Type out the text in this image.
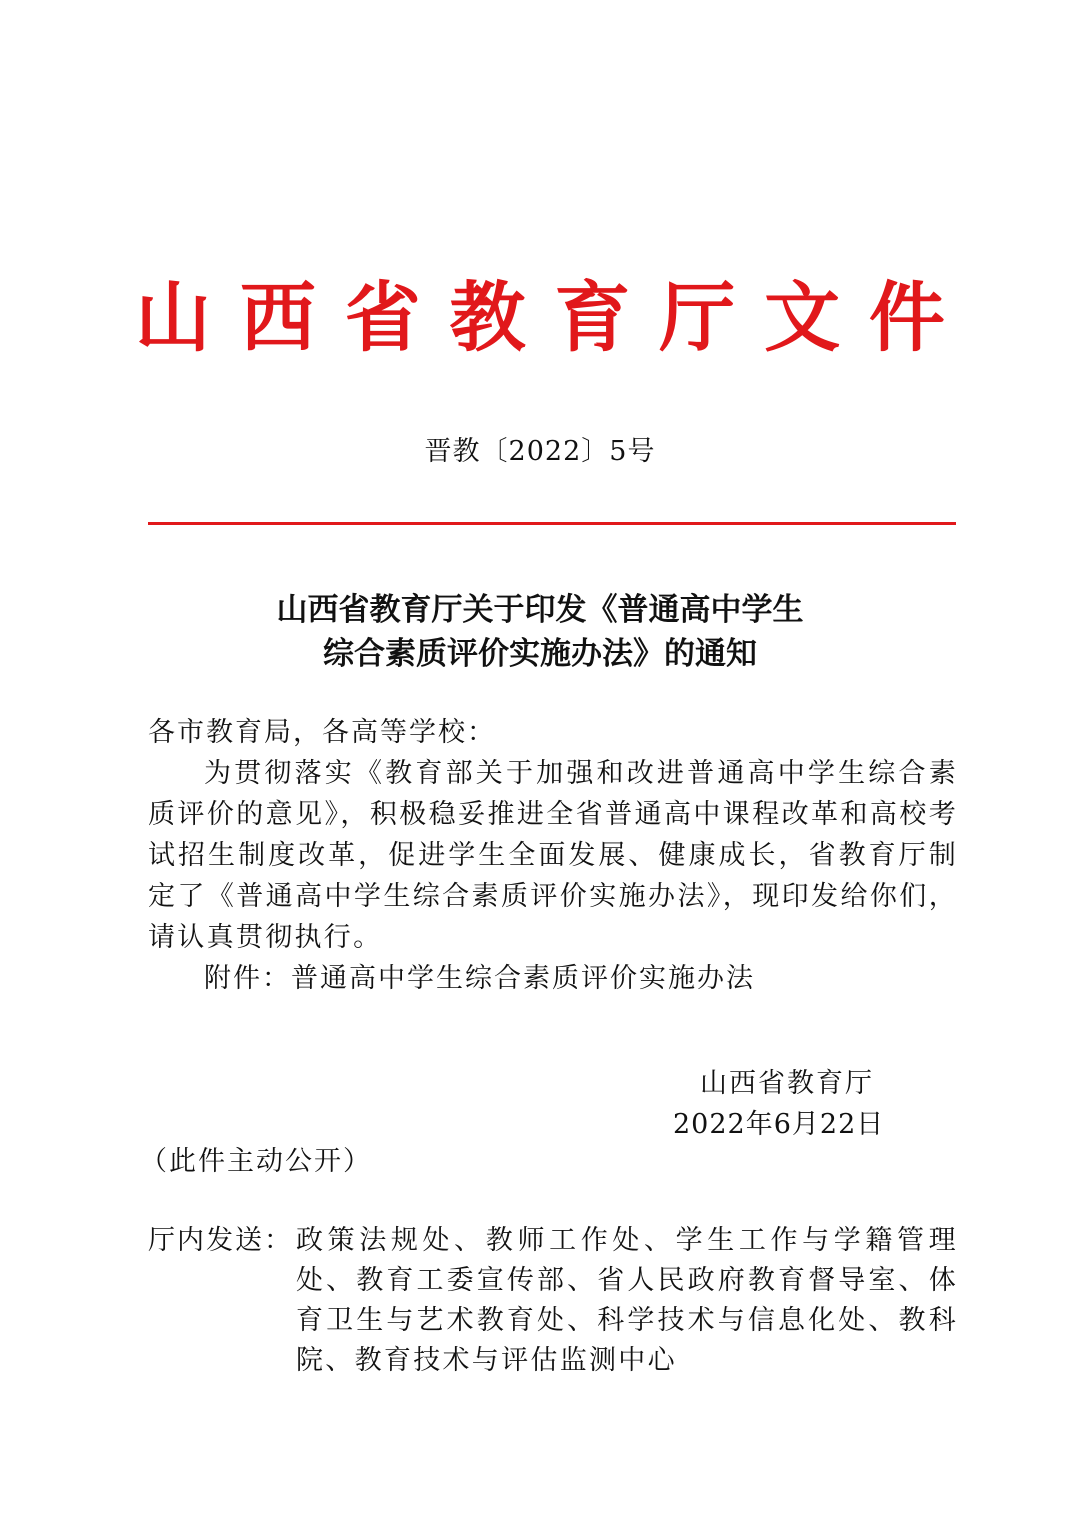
山 西 省 教 育 厅 文 件
晋教〔2022〕5号
山西省教育厅关于印发《普通高中学生
综合素质评价实施办法》的通知

各市教育局，各高等学校：

为贯彻落实《教育部关于加强和改进普通高中学生综合素质评价的意见》，积极稳妥推进全省普通高中课程改革和高校考试招生制度改革，促进学生全面发展、健康成长，省教育厅制定了《普通高中学生综合素质评价实施办法》，现印发给你们，请认真贯彻执行。

附件：普通高中学生综合素质评价实施办法

山西省教育厅
2022年6月22日
（此件主动公开）
厅内发送： 政策法规处、教师工作处、学生工作与学籍管理处、教育工委宣传部、省人民政府教育督导室、体育卫生与艺术教育处、科学技术与信息化处、教科院、教育技术与评估监测中心
